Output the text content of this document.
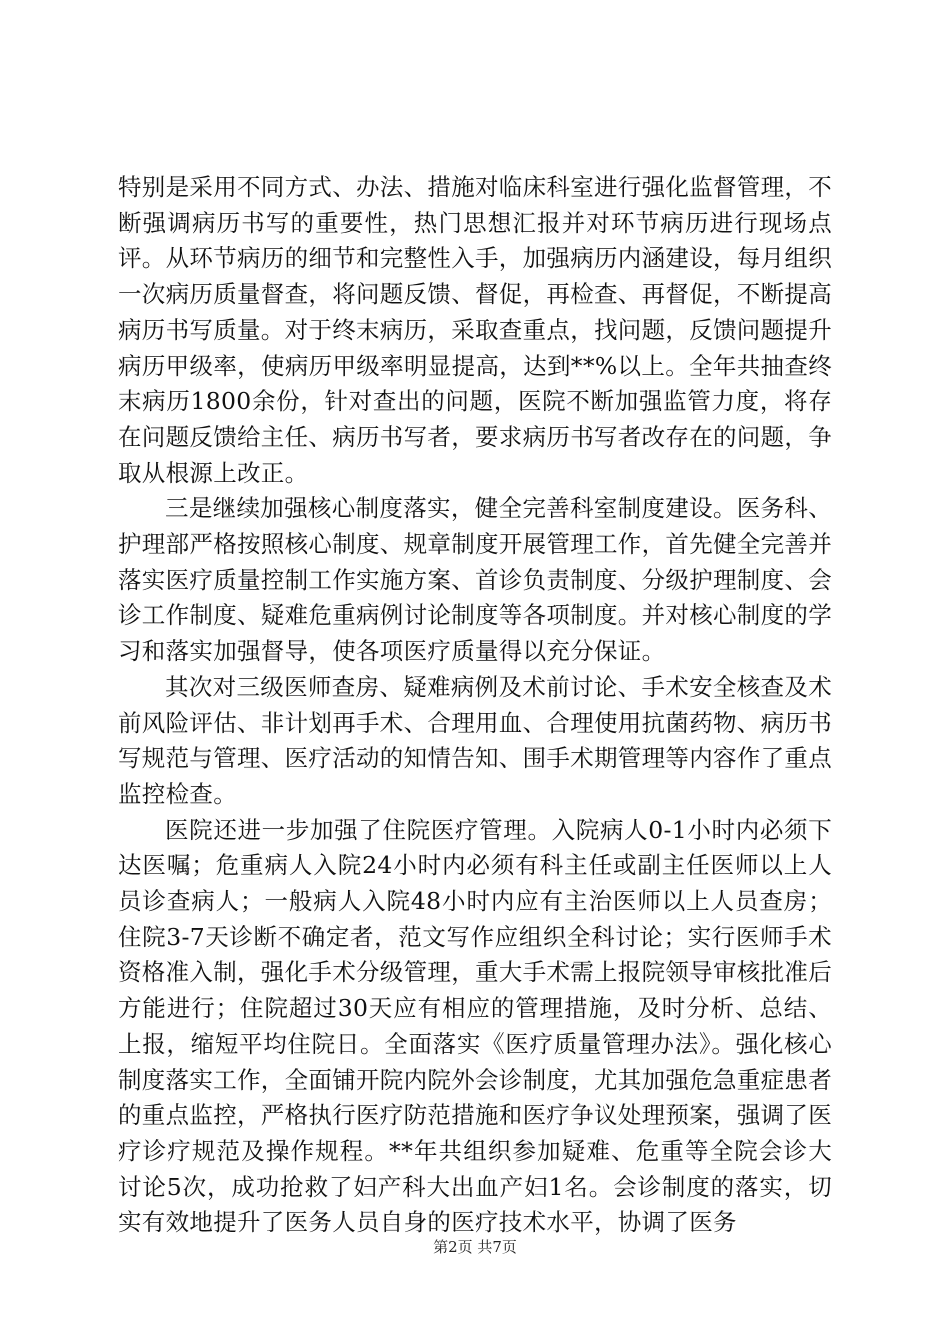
特别是采用不同方式、办法、措施对临床科室进行强化监督管理，不断强调病历书写的重要性，热门思想汇报并对环节病历进行现场点评。从环节病历的细节和完整性入手，加强病历内涵建设，每月组织一次病历质量督查，将问题反馈、督促，再检查、再督促，不断提高病历书写质量。对于终末病历，采取查重点，找问题，反馈问题提升病历甲级率，使病历甲级率明显提高，达到**%以上。全年共抽查终末病历1800余份，针对查出的问题，医院不断加强监管力度，将存在问题反馈给主任、病历书写者，要求病历书写者改存在的问题，争取从根源上改正。

三是继续加强核心制度落实，健全完善科室制度建设。医务科、护理部严格按照核心制度、规章制度开展管理工作，首先健全完善并落实医疗质量控制工作实施方案、首诊负责制度、分级护理制度、会诊工作制度、疑难危重病例讨论制度等各项制度。并对核心制度的学习和落实加强督导，使各项医疗质量得以充分保证。

其次对三级医师查房、疑难病例及术前讨论、手术安全核查及术前风险评估、非计划再手术、合理用血、合理使用抗菌药物、病历书写规范与管理、医疗活动的知情告知、围手术期管理等内容作了重点监控检查。

医院还进一步加强了住院医疗管理。入院病人0-1小时内必须下达医嘱；危重病人入院24小时内必须有科主任或副主任医师以上人员诊查病人；一般病人入院48小时内应有主治医师以上人员查房；住院3-7天诊断不确定者，范文写作应组织全科讨论；实行医师手术资格准入制，强化手术分级管理，重大手术需上报院领导审核批准后方能进行；住院超过30天应有相应的管理措施，及时分析、总结、上报，缩短平均住院日。全面落实《医疗质量管理办法》。强化核心制度落实工作，全面铺开院内院外会诊制度，尤其加强危急重症患者的重点监控，严格执行医疗防范措施和医疗争议处理预案，强调了医疗诊疗规范及操作规程。**年共组织参加疑难、危重等全院会诊大讨论5次，成功抢救了妇产科大出血产妇1名。会诊制度的落实，切实有效地提升了医务人员自身的医疗技术水平，协调了医务

第2页 共7页
